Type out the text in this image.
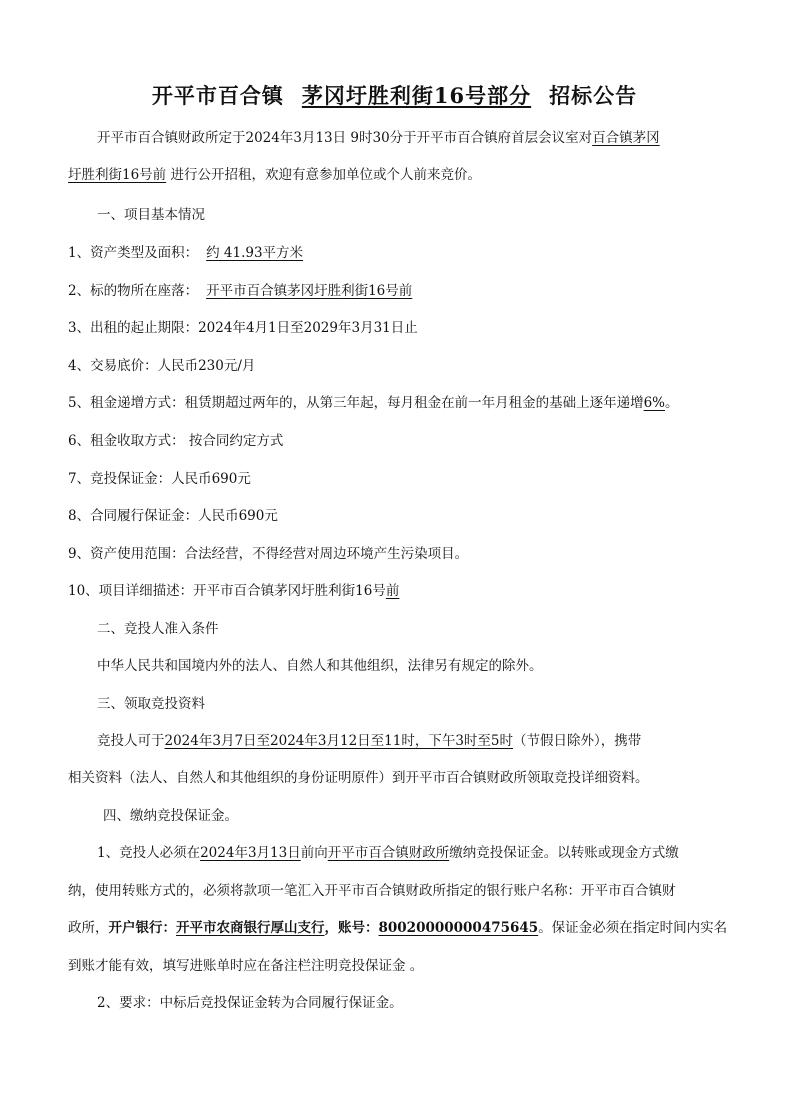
开平市百合镇 茅冈圩胜利街16号部分 招标公告
开平市百合镇财政所定于2024年3月13日 9时30分于开平市百合镇府首层会议室对百合镇茅冈
圩胜利街16号前 进行公开招租，欢迎有意参加单位或个人前来竞价。
一、项目基本情况
1、资产类型及面积： 约 41.93平方米
2、标的物所在座落： 开平市百合镇茅冈圩胜利街16号前
3、出租的起止期限：2024年4月1日至2029年3月31日止
4、交易底价：人民币230元/月
5、租金递增方式：租赁期超过两年的，从第三年起，每月租金在前一年月租金的基础上逐年递增6%。
6、租金收取方式： 按合同约定方式
7、竞投保证金：人民币690元
8、合同履行保证金：人民币690元
9、资产使用范围：合法经营，不得经营对周边环境产生污染项目。
10、项目详细描述：开平市百合镇茅冈圩胜利街16号前
二、竞投人准入条件
中华人民共和国境内外的法人、自然人和其他组织，法律另有规定的除外。
三、领取竞投资料
竞投人可于2024年3月7日至2024年3月12日至11时，下午3时至5时（节假日除外），携带
相关资料（法人、自然人和其他组织的身份证明原件）到开平市百合镇财政所领取竞投详细资料。
四、缴纳竞投保证金。
1、竞投人必须在2024年3月13日前向开平市百合镇财政所缴纳竞投保证金。以转账或现金方式缴
纳，使用转账方式的，必须将款项一笔汇入开平市百合镇财政所指定的银行账户名称：开平市百合镇财
政所，开户银行：开平市农商银行厚山支行，账号：80020000000475645。保证金必须在指定时间内实名
到账才能有效，填写进账单时应在备注栏注明竞投保证金 。
2、要求：中标后竞投保证金转为合同履行保证金。
